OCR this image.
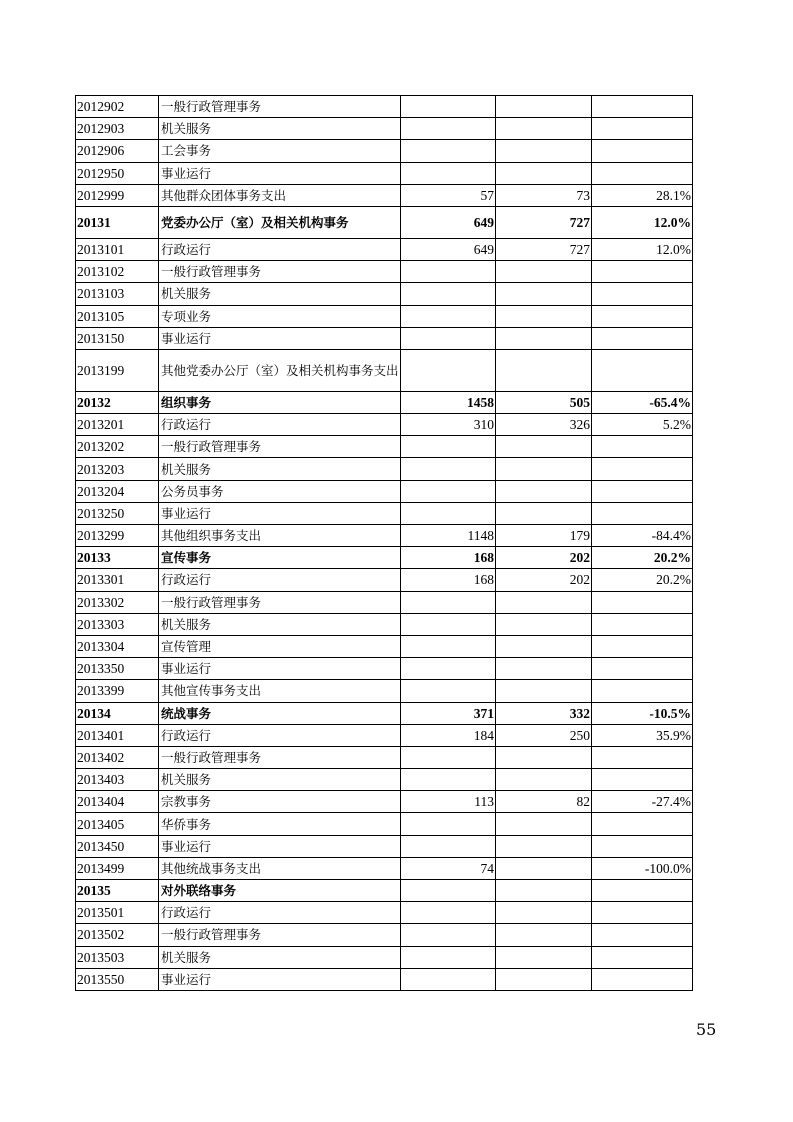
2012902	一般行政管理事务			
2012903	机关服务			
2012906	工会事务			
2012950	事业运行			
2012999	其他群众团体事务支出	57	73	28.1%
20131	党委办公厅（室）及相关机构事务	649	727	12.0%
2013101	行政运行	649	727	12.0%
2013102	一般行政管理事务			
2013103	机关服务			
2013105	专项业务			
2013150	事业运行			
2013199	其他党委办公厅（室）及相关机构事务支出			
20132	组织事务	1458	505	-65.4%
2013201	行政运行	310	326	5.2%
2013202	一般行政管理事务			
2013203	机关服务			
2013204	公务员事务			
2013250	事业运行			
2013299	其他组织事务支出	1148	179	-84.4%
20133	宣传事务	168	202	20.2%
2013301	行政运行	168	202	20.2%
2013302	一般行政管理事务			
2013303	机关服务			
2013304	宣传管理			
2013350	事业运行			
2013399	其他宣传事务支出			
20134	统战事务	371	332	-10.5%
2013401	行政运行	184	250	35.9%
2013402	一般行政管理事务			
2013403	机关服务			
2013404	宗教事务	113	82	-27.4%
2013405	华侨事务			
2013450	事业运行			
2013499	其他统战事务支出	74		-100.0%
20135	对外联络事务			
2013501	行政运行			
2013502	一般行政管理事务			
2013503	机关服务			
2013550	事业运行			
55
